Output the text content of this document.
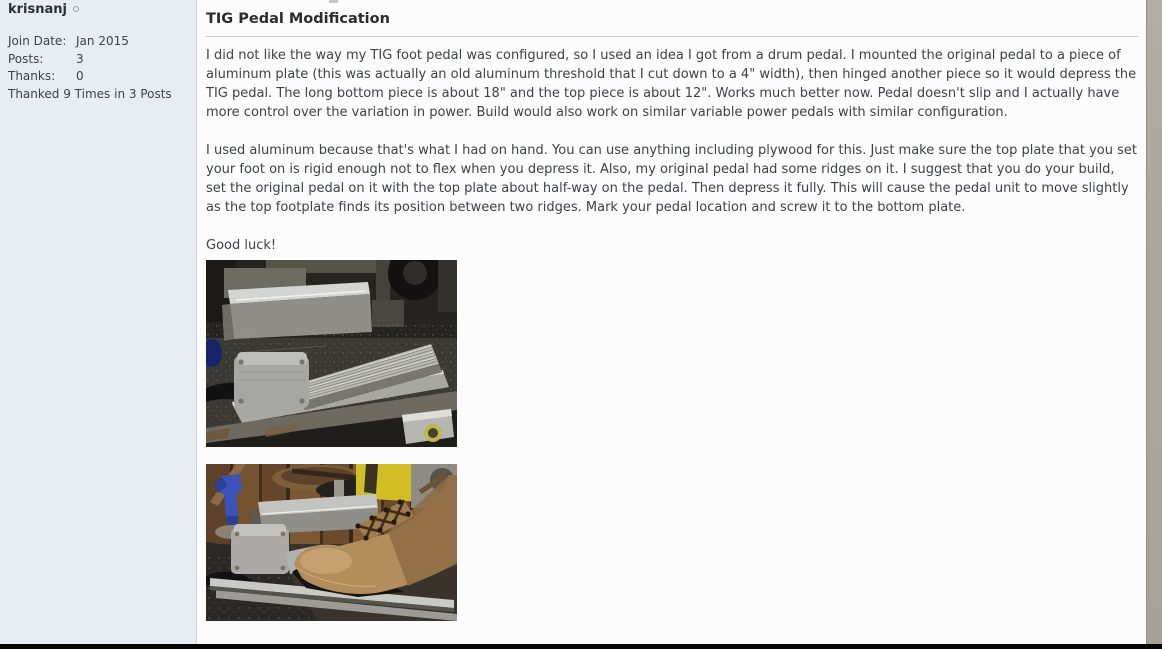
krisnanj
Join Date: Jan 2015
Posts:	3
Thanks:	0
Thanked 9 Times in 3 Posts
TIG Pedal Modification

I did not like the way my TIG foot pedal was configured, so I used an idea I got from a drum pedal. I mounted the original pedal to a piece of aluminum plate (this was actually an old aluminum threshold that I cut down to a 4" width), then hinged another piece so it would depress the TIG pedal. The long bottom piece is about 18" and the top piece is about 12". Works much better now. Pedal doesn't slip and I actually have more control over the variation in power. Build would also work on similar variable power pedals with similar configuration.

I used aluminum because that's what I had on hand. You can use anything including plywood for this. Just make sure the top plate that you set your foot on is rigid enough not to flex when you depress it. Also, my original pedal had some ridges on it. I suggest that you do your build, set the original pedal on it with the top plate about half-way on the pedal. Then depress it fully. This will cause the pedal unit to move slightly as the top footplate finds its position between two ridges. Mark your pedal location and screw it to the bottom plate.

Good luck!
